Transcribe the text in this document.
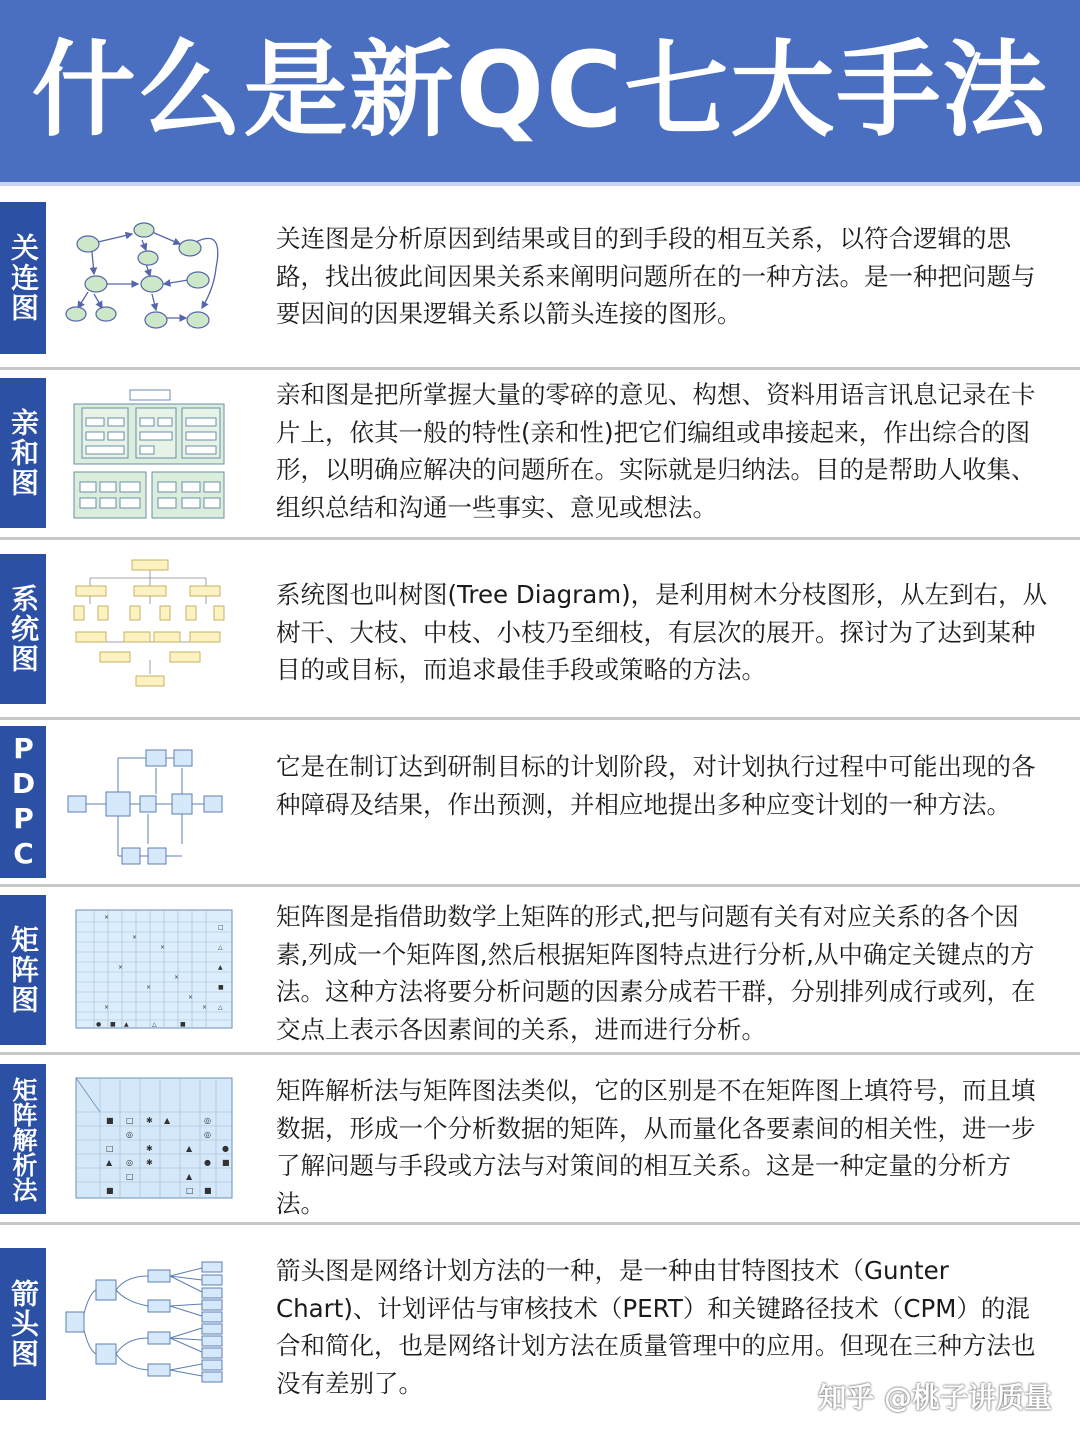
什么是新QC七大手法
关连图	关连图是分析原因到结果或目的到手段的相互关系，以符合逻辑的思路，找出彼此间因果关系来阐明问题所在的一种方法。是一种把问题与要因间的因果逻辑关系以箭头连接的图形。
亲和图
亲和图是把所掌握大量的零碎的意见、构想、资料用语言讯息记录在卡片上，依其一般的特性(亲和性)把它们编组或串接起来，作出综合的图形，以明确应解决的问题所在。实际就是归纳法。目的是帮助人收集、组织总结和沟通一些事实、意见或想法。
系统图	系统图也叫树图(Tree Diagram)，是利用树木分枝图形，从左到右，从树干、大枝、中枝、小枝乃至细枝，有层次的展开。探讨为了达到某种目的或目标，而追求最佳手段或策略的方法。
PDPC	它是在制订达到研制目标的计划阶段，对计划执行过程中可能出现的各种障碍及结果，作出预测，并相应地提出多种应变计划的一种方法。
矩阵图
×
×
×
×
×
×
×
×
×
□
△
▲
■
△
● ■ ▲	△	■
矩阵图是指借助数学上矩阵的形式,把与问题有关有对应关系的各个因素,列成一个矩阵图,然后根据矩阵图特点进行分析,从中确定关键点的方法。这种方法将要分析问题的因素分成若干群，分别排列成行或列，在交点上表示各因素间的关系，进而进行分析。
矩阵解析法	■ □ ✱ ▲	◎
◎	◎
□	✱	▲	●
▲ ◎ ✱	● ■
□	▲
■	□ ■
矩阵解析法与矩阵图法类似，它的区别是不在矩阵图上填符号，而且填数据，形成一个分析数据的矩阵，从而量化各要素间的相关性，进一步了解问题与手段或方法与对策间的相互关系。这是一种定量的分析方法。
箭头图
箭头图是网络计划方法的一种，是一种由甘特图技术（Gunter Chart)、计划评估与审核技术（PERT）和关键路径技术（CPM）的混合和简化，也是网络计划方法在质量管理中的应用。但现在三种方法也没有差别了。	知乎 @桃子讲质量
